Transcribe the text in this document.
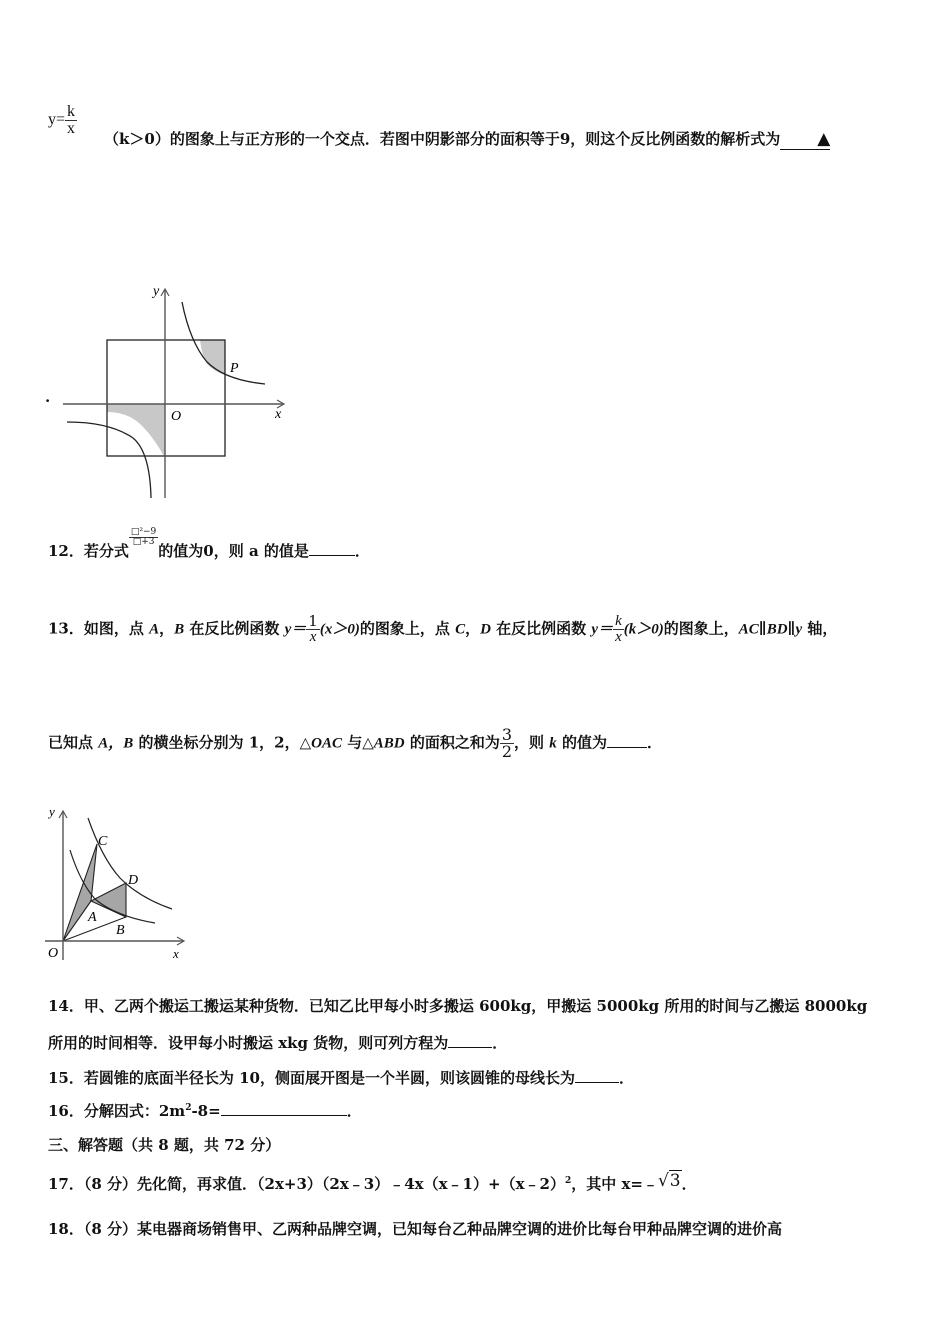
$y= \frac{k}{x}$
（k＞0）的图象上与正方形的一个交点．若图中阴影部分的面积等于9，则这个反比例函数的解析式为 ▲
.
y
x
O
P
12．若分式
$\frac{\text{□²−9}}{□+3}$
的值为0，则 a 的值是	．
13．如图，点 A，B 在反比例函数 $y= \frac{1}{x} (x>0)$的图象上，点 C，D 在反比例函数 $y= \frac{k}{x} (k>0)$的图象上，AC∥BD∥y 轴，
已知点 A，B 的横坐标分别为 1，2，△OAC 与△ABD 的面积之和为 $\frac{3}{2}$ ，则 k 的值为	．
y
x
O
C
D
A
B
14．甲、乙两个搬运工搬运某种货物．已知乙比甲每小时多搬运 600kg，甲搬运 5000kg 所用的时间与乙搬运 8000kg
所用的时间相等．设甲每小时搬运 xkg 货物，则可列方程为	．
15．若圆锥的底面半径长为 10，侧面展开图是一个半圆，则该圆锥的母线长为	．
16．分解因式：$2m^2-8=$	．
三、解答题（共 8 题，共 72 分）
17．（8 分）先化简，再求值．（2x+3）（2x﹣3）﹣4x（x﹣1）+（x﹣2）$^2$，其中 x=﹣√3．
18．（8 分）某电器商场销售甲、乙两种品牌空调，已知每台乙种品牌空调的进价比每台甲种品牌空调的进价高
